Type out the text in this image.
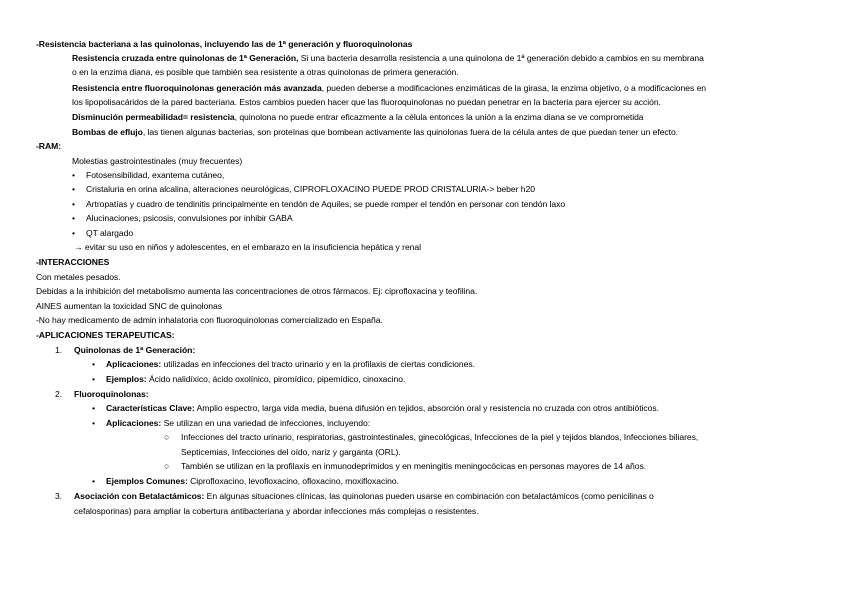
-Resistencia bacteriana a las quinolonas, incluyendo las de 1ª generación y fluoroquinolonas
Resistencia cruzada entre quinolonas de 1ª Generación, Si una bacteria desarrolla resistencia a una quinolona de 1ª generación debido a cambios en su membrana
o en la enzima diana, es posible que también sea resistente a otras quinolonas de primera generación.
Resistencia entre fluoroquinolonas generación más avanzada, pueden deberse a modificaciones enzimáticas de la girasa, la enzima objetivo, o a modificaciones en
los lipopolisacáridos de la pared bacteriana. Estos cambios pueden hacer que las fluoroquinolonas no puedan penetrar en la bacteria para ejercer su acción.
Disminución permeabilidad= resistencia, quinolona no puede entrar eficazmente a la célula entonces la unión a la enzima diana se ve comprometida
Bombas de eflujo, las tienen algunas bacterias, son proteínas que bombean activamente las quinolonas fuera de la célula antes de que puedan tener un efecto.
-RAM:
Molestias gastrointestinales (muy frecuentes)
• Fotosensibilidad, exantema cutáneo,
• Cristaluria en orina alcalina, alteraciones neurológicas, CIPROFLOXACINO PUEDE PROD CRISTALURIA-> beber h20
• Artropatías y cuadro de tendinitis principalmente en tendón de Aquiles, se puede romper el tendón en personar con tendón laxo
• Alucinaciones, psicosis, convulsiones por inhibir GABA
• QT alargado
→ evitar su uso en niños y adolescentes, en el embarazo en la insuficiencia hepática y renal
-INTERACCIONES
Con metales pesados.
Debidas a la inhibición del metabolismo aumenta las concentraciones de otros fármacos. Ej: ciprofloxacina y teofilina.
AINES aumentan la toxicidad SNC de quinolonas
-No hay medicamento de admin inhalatoria con fluoroquinolonas comercializado en España.
-APLICACIONES TERAPEUTICAS:
1. Quinolonas de 1ª Generación:
• Aplicaciones: utilizadas en infecciones del tracto urinario y en la profilaxis de ciertas condiciones.
• Ejemplos: Ácido nalidíxico, ácido oxolínico, piromídico, pipemídico, cinoxacino.
2. Fluoroquinolonas:
• Características Clave: Amplio espectro, larga vida media, buena difusión en tejidos, absorción oral y resistencia no cruzada con otros antibióticos.
• Aplicaciones: Se utilizan en una variedad de infecciones, incluyendo:
○ Infecciones del tracto urinario, respiratorias, gastrointestinales, ginecológicas, Infecciones de la piel y tejidos blandos, Infecciones biliares,
Septicemias, Infecciones del oído, nariz y garganta (ORL).
○ También se utilizan en la profilaxis en inmunodeprimidos y en meningitis meningocócicas en personas mayores de 14 años.
• Ejemplos Comunes: Ciprofloxacino, levofloxacino, ofloxacino, moxifloxacino.
3. Asociación con Betalactámicos: En algunas situaciones clínicas, las quinolonas pueden usarse en combinación con betalactámicos (como penicilinas o
cefalosporinas) para ampliar la cobertura antibacteriana y abordar infecciones más complejas o resistentes.
